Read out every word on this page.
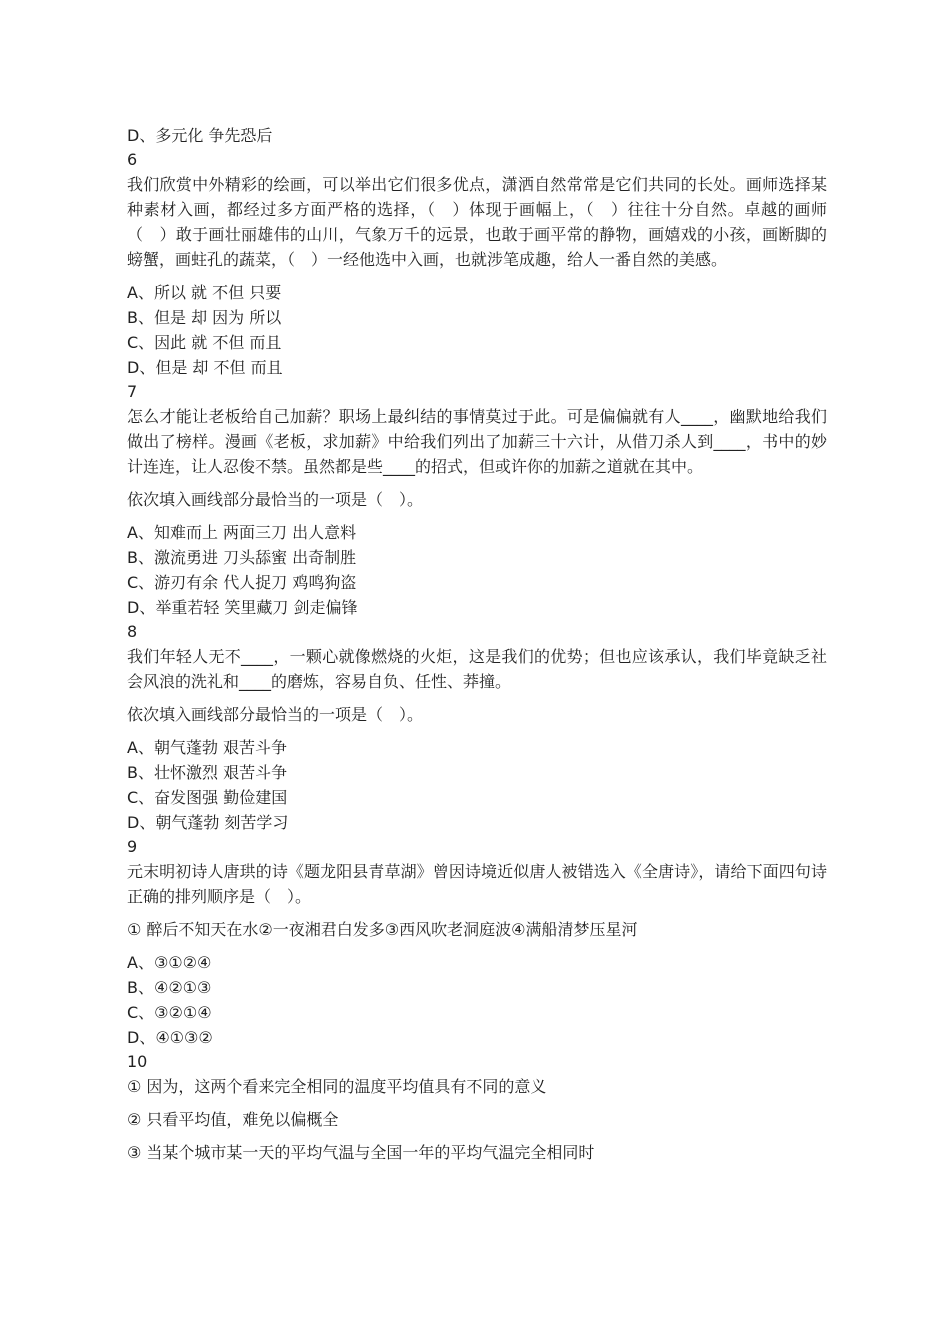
D、多元化 争先恐后
6

我们欣赏中外精彩的绘画，可以举出它们很多优点，潇洒自然常常是它们共同的长处。画师选择某种素材入画，都经过多方面严格的选择，（　）体现于画幅上，（　）往往十分自然。卓越的画师（　）敢于画壮丽雄伟的山川，气象万千的远景，也敢于画平常的静物，画嬉戏的小孩，画断脚的螃蟹，画蛀孔的蔬菜，（　）一经他选中入画，也就涉笔成趣，给人一番自然的美感。

A、所以 就 不但 只要
B、但是 却 因为 所以
C、因此 就 不但 而且
D、但是 却 不但 而且
7

怎么才能让老板给自己加薪？职场上最纠结的事情莫过于此。可是偏偏就有人____，幽默地给我们做出了榜样。漫画《老板，求加薪》中给我们列出了加薪三十六计，从借刀杀人到____，书中的妙计连连，让人忍俊不禁。虽然都是些____的招式，但或许你的加薪之道就在其中。

依次填入画线部分最恰当的一项是（　）。
A、知难而上 两面三刀 出人意料
B、激流勇进 刀头舔蜜 出奇制胜
C、游刃有余 代人捉刀 鸡鸣狗盗
D、举重若轻 笑里藏刀 剑走偏锋
8

我们年轻人无不____，一颗心就像燃烧的火炬，这是我们的优势；但也应该承认，我们毕竟缺乏社会风浪的洗礼和____的磨炼，容易自负、任性、莽撞。

依次填入画线部分最恰当的一项是（　）。
A、朝气蓬勃 艰苦斗争
B、壮怀激烈 艰苦斗争
C、奋发图强 勤俭建国
D、朝气蓬勃 刻苦学习
9

元末明初诗人唐珙的诗《题龙阳县青草湖》曾因诗境近似唐人被错选入《全唐诗》，请给下面四句诗正确的排列顺序是（　）。

① 醉后不知天在水②一夜湘君白发多③西风吹老洞庭波④满船清梦压星河
A、③①②④
B、④②①③
C、③②①④
D、④①③②
10
① 因为，这两个看来完全相同的温度平均值具有不同的意义
② 只看平均值，难免以偏概全
③ 当某个城市某一天的平均气温与全国一年的平均气温完全相同时
